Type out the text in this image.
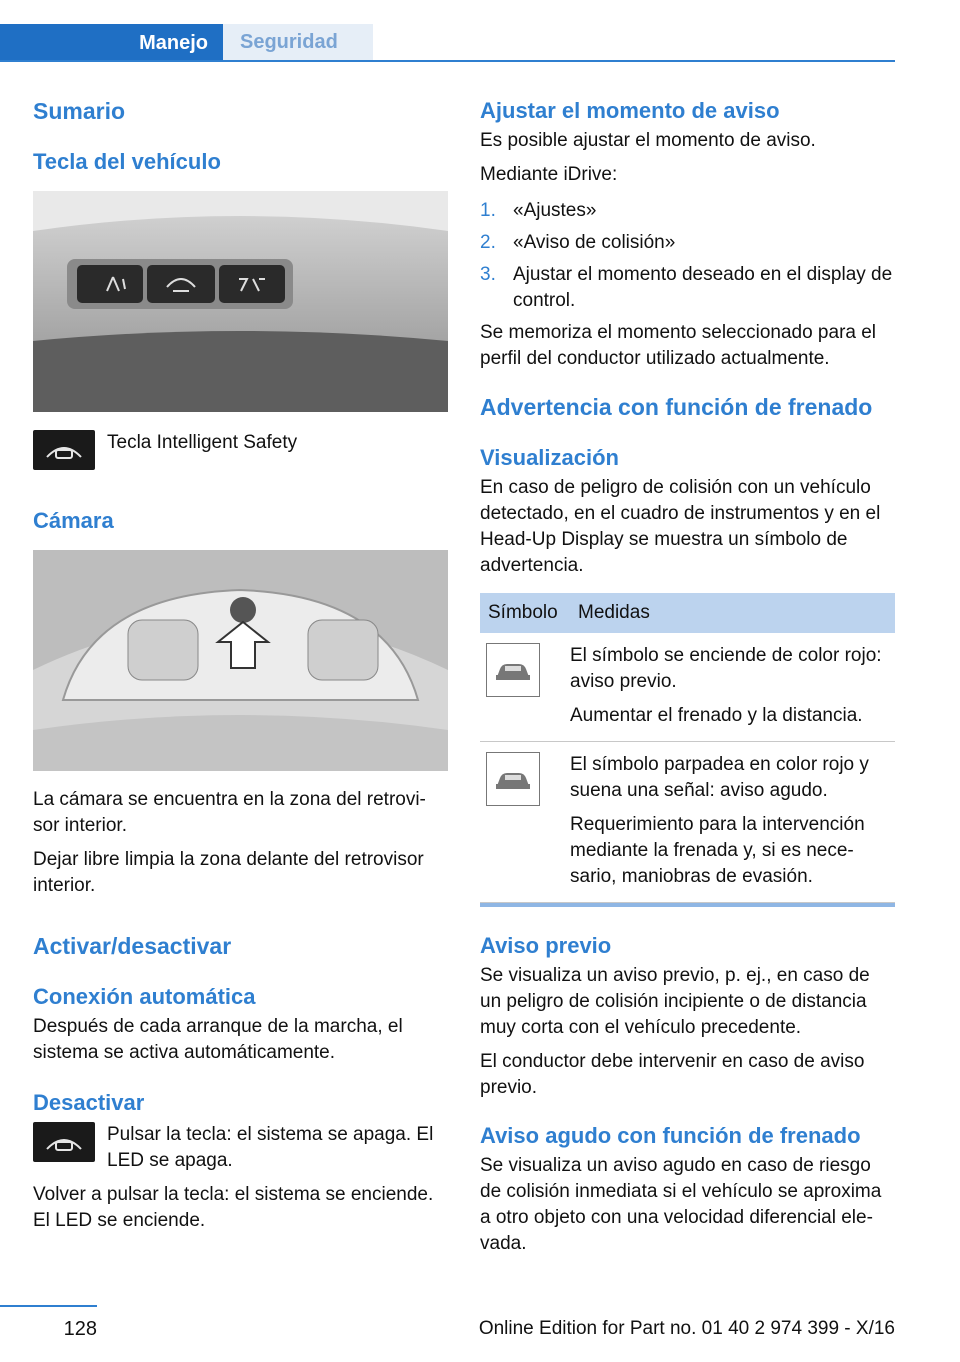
Manejo Seguridad
Sumario
Tecla del vehículo

Tecla Intelligent Safety

Cámara

La cámara se encuentra en la zona del retrovi‐ sor interior.

Dejar libre limpia la zona delante del retrovisor interior.

Activar/desactivar
Conexión automática

Después de cada arranque de la marcha, el sistema se activa automáticamente.

Desactivar

Pulsar la tecla: el sistema se apaga. El LED se apaga.

Volver a pulsar la tecla: el sistema se enciende. El LED se enciende.

Ajustar el momento de aviso

Es posible ajustar el momento de aviso.

Mediante iDrive:

1. «Ajustes»
2. «Aviso de colisión»
3. Ajustar el momento deseado en el display de control.

Se memoriza el momento seleccionado para el perfil del conductor utilizado actualmente.

Advertencia con función de frenado
Visualización

En caso de peligro de colisión con un vehículo detectado, en el cuadro de instrumentos y en el Head-Up Display se muestra un símbolo de advertencia.

Símbolo	Medidas

El símbolo se enciende de color rojo: aviso previo.

Aumentar el frenado y la distancia.

El símbolo parpadea en color rojo y suena una señal: aviso agudo.

Requerimiento para la intervención mediante la frenada y, si es nece‐ sario, maniobras de evasión.

Aviso previo

Se visualiza un aviso previo, p. ej., en caso de un peligro de colisión incipiente o de distancia muy corta con el vehículo precedente.

El conductor debe intervenir en caso de aviso previo.

Aviso agudo con función de frenado

Se visualiza un aviso agudo en caso de riesgo de colisión inmediata si el vehículo se aproxima a otro objeto con una velocidad diferencial ele‐ vada.

128	Online Edition for Part no. 01 40 2 974 399 - X/16
